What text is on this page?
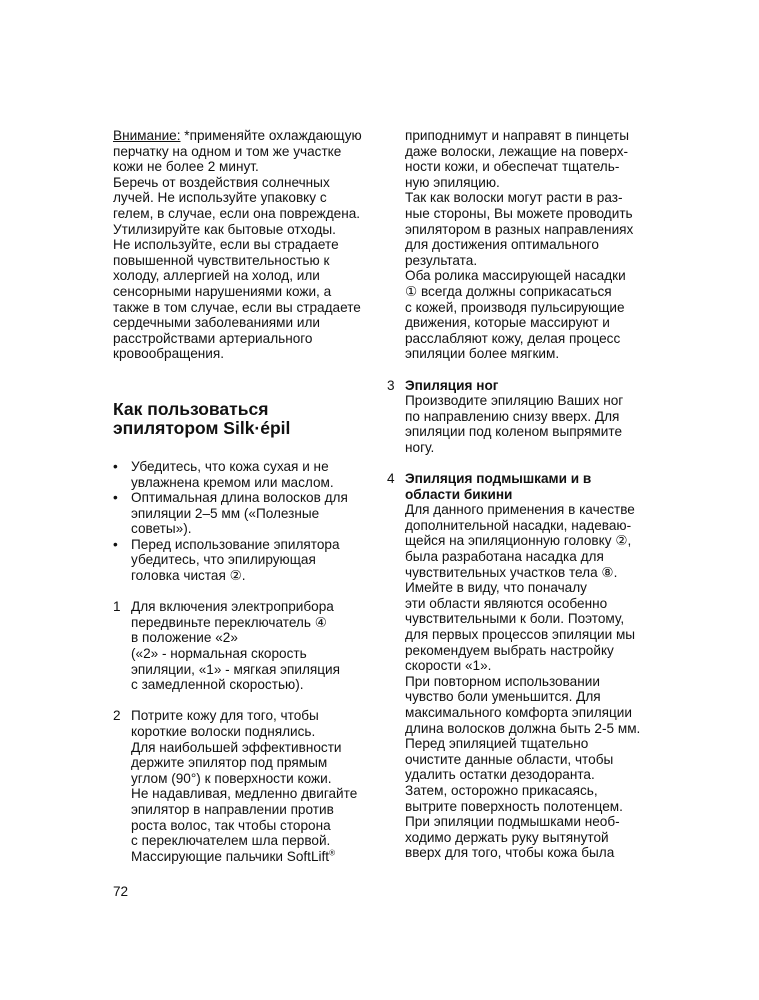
Внимание: *применяйте охлаждающую
перчатку на одном и том же участке
кожи не более 2 минут.
Беречь от воздействия солнечных
лучей. Не используйте упаковку с
гелем, в случае, если она повреждена.
Утилизируйте как бытовые отходы.
Не используйте, если вы страдаете
повышенной чувствительностью к
холоду, аллергией на холод, или
сенсорными нарушениями кожи, а
также в том случае, если вы страдаете
сердечными заболеваниями или
расстройствами артериального
кровообращения.
Как пользоваться
эпилятором Silk·épil
• Убедитесь, что кожа сухая и не
увлажнена кремом или маслом.
• Оптимальная длина волосков для
эпиляции 2–5 мм («Полезные
советы»).
• Перед использование эпилятора
убедитесь, что эпилирующая
головка чистая ②.
1 Для включения электроприбора
передвиньте переключатель ④
в положение «2»
(«2» - нормальная скорость
эпиляции, «1» - мягкая эпиляция
с замедленной скоростью).
2 Потрите кожу для того, чтобы
короткие волоски поднялись.
Для наибольшей эффективности
держите эпилятор под прямым
углом (90°) к поверхности кожи.
Не надавливая, медленно двигайте
эпилятор в направлении против
роста волос, так чтобы сторона
с переключателем шла первой.
Массирующие пальчики SoftLift®
приподнимут и направят в пинцеты
даже волоски, лежащие на поверх-
ности кожи, и обеспечат тщатель-
ную эпиляцию.
Так как волоски могут расти в раз-
ные стороны, Вы можете проводить
эпилятором в разных направлениях
для достижения оптимального
результата.
Оба ролика массирующей насадки
① всегда должны соприкасаться
с кожей, производя пульсирующие
движения, которые массируют и
расслабляют кожу, делая процесс
эпиляции более мягким.
3 Эпиляция ног
Производите эпиляцию Ваших ног
по направлению снизу вверх. Для
эпиляции под коленом выпрямите
ногу.
4 Эпиляция подмышками и в
области бикини
Для данного применения в качестве
дополнительной насадки, надеваю-
щейся на эпиляционную головку ②,
была разработана насадка для
чувствительных участков тела ⑧.
Имейте в виду, что поначалу
эти области являются особенно
чувствительными к боли. Поэтому,
для первых процессов эпиляции мы
рекомендуем выбрать настройку
скорости «1».
При повторном использовании
чувство боли уменьшится. Для
максимального комфорта эпиляции
длина волосков должна быть 2-5 мм.
Перед эпиляцией тщательно
очистите данные области, чтобы
удалить остатки дезодоранта.
Затем, осторожно прикасаясь,
вытрите поверхность полотенцем.
При эпиляции подмышками необ-
ходимо держать руку вытянутой
вверх для того, чтобы кожа была
72
